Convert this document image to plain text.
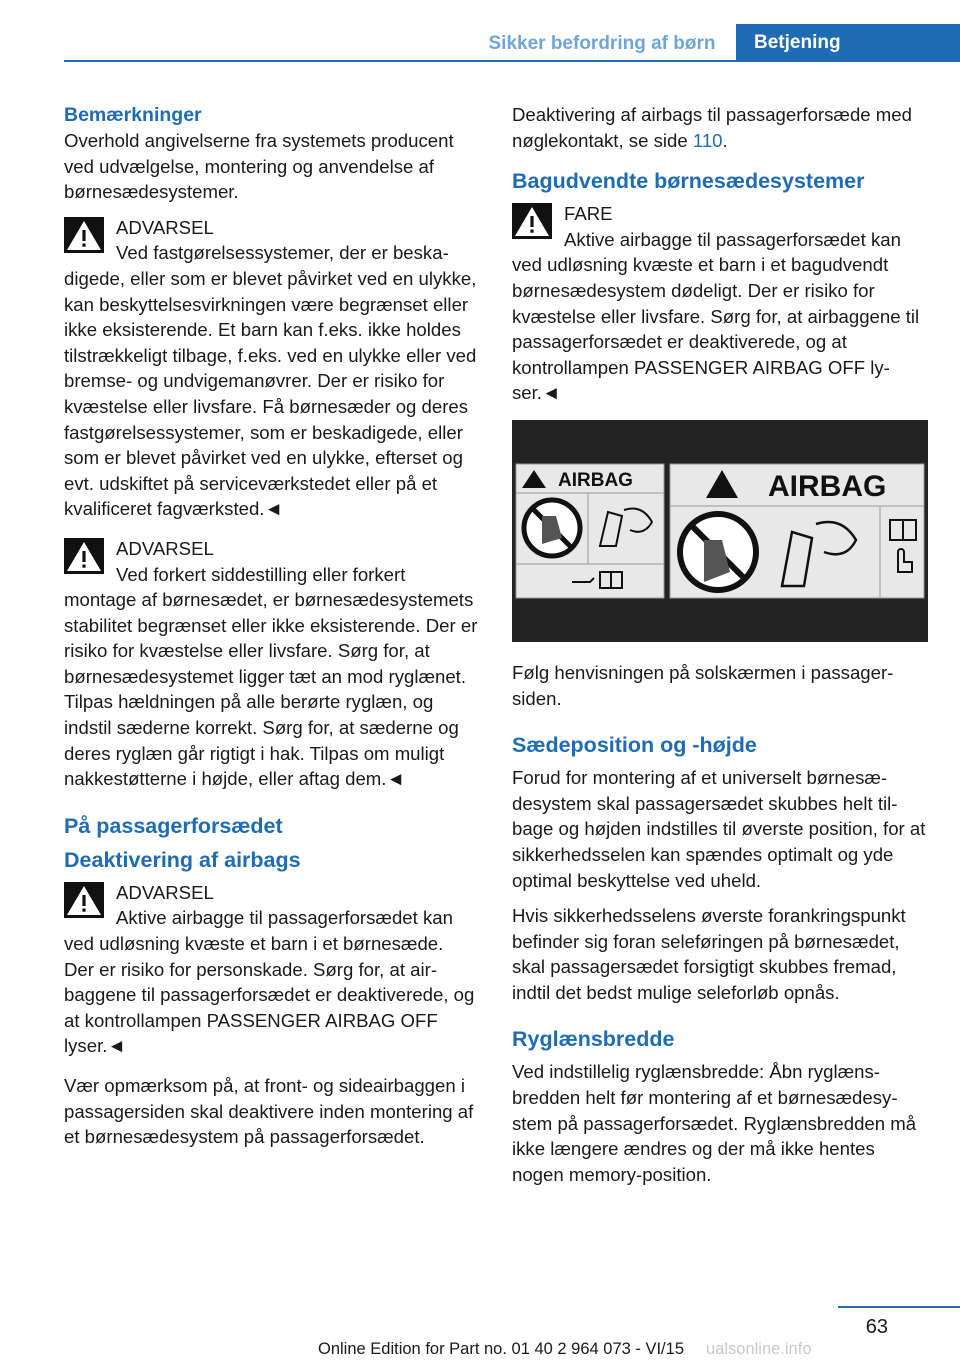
Sikker befordring af børn	Betjening
Bemærkninger

Overhold angivelserne fra systemets producent ved udvælgelse, montering og anvendelse af børnesædesystemer.

ADVARSEL
Ved fastgørelsessystemer, der er beskadigede, eller som er blevet påvirket ved en ulykke, kan beskyttelsesvirkningen være begrænset eller ikke eksisterende. Et barn kan f.eks. ikke holdes tilstrækkeligt tilbage, f.eks. ved en ulykke eller ved bremse- og undvigemanøvrer. Der er risiko for kvæstelse eller livsfare. Få børnesæder og deres fastgørelsessystemer, som er beskadigede, eller som er blevet påvirket ved en ulykke, efterset og evt. udskiftet på serviceværkstedet eller på et kvalificeret fagværksted.◄
ADVARSEL
Ved forkert siddestilling eller forkert montage af børnesædet, er børnesædesystemets stabilitet begrænset eller ikke eksisterende. Der er risiko for kvæstelse eller livsfare. Sørg for, at børnesædesystemet ligger tæt an mod ryglænet. Tilpas hældningen på alle berørte ryglæn, og indstil sæderne korrekt. Sørg for, at sæderne og deres ryglæn går rigtigt i hak. Tilpas om muligt nakkestøtterne i højde, eller aftag dem.◄
På passagerforsædet
Deaktivering af airbags
ADVARSEL
Aktive airbagge til passagerforsædet kan ved udløsning kvæste et barn i et børnesæde. Der er risiko for personskade. Sørg for, at airbaggene til passagerforsædet er deaktiverede, og at kontrollampen PASSENGER AIRBAG OFF lyser.◄

Vær opmærksom på, at front- og sideairbaggen i passagersiden skal deaktivere inden montering af et børnesædesystem på passagerforsædet.

Deaktivering af airbags til passagerforsæde med nøglekontakt, se side 110.

Bagudvendte børnesædesystemer
FARE
Aktive airbagge til passagerforsædet kan ved udløsning kvæste et barn i et bagudvendt børnesædesystem dødeligt. Der er risiko for kvæstelse eller livsfare. Sørg for, at airbaggene til passagerforsædet er deaktiverede, og at kontrollampen PASSENGER AIRBAG OFF lyser.◄
AIRBAG	AIRBAG

Følg henvisningen på solskærmen i passagersiden.

Sædeposition og -højde

Forud for montering af et universelt børnesædesystem skal passagersædet skubbes helt tilbage og højden indstilles til øverste position, for at sikkerhedsselen kan spændes optimalt og yde optimal beskyttelse ved uheld.

Hvis sikkerhedsselens øverste forankringspunkt befinder sig foran seleføringen på børnesædet, skal passagersædet forsigtigt skubbes fremad, indtil det bedst mulige seleforløb opnås.

Ryglænsbredde

Ved indstillelig ryglænsbredde: Åbn ryglænsbredden helt før montering af et børnesædesystem på passagerforsædet. Ryglænsbredden må ikke længere ændres og der må ikke hentes nogen memory-position.

63
Online Edition for Part no. 01 40 2 964 073 - VI/15 ualsonline.info
